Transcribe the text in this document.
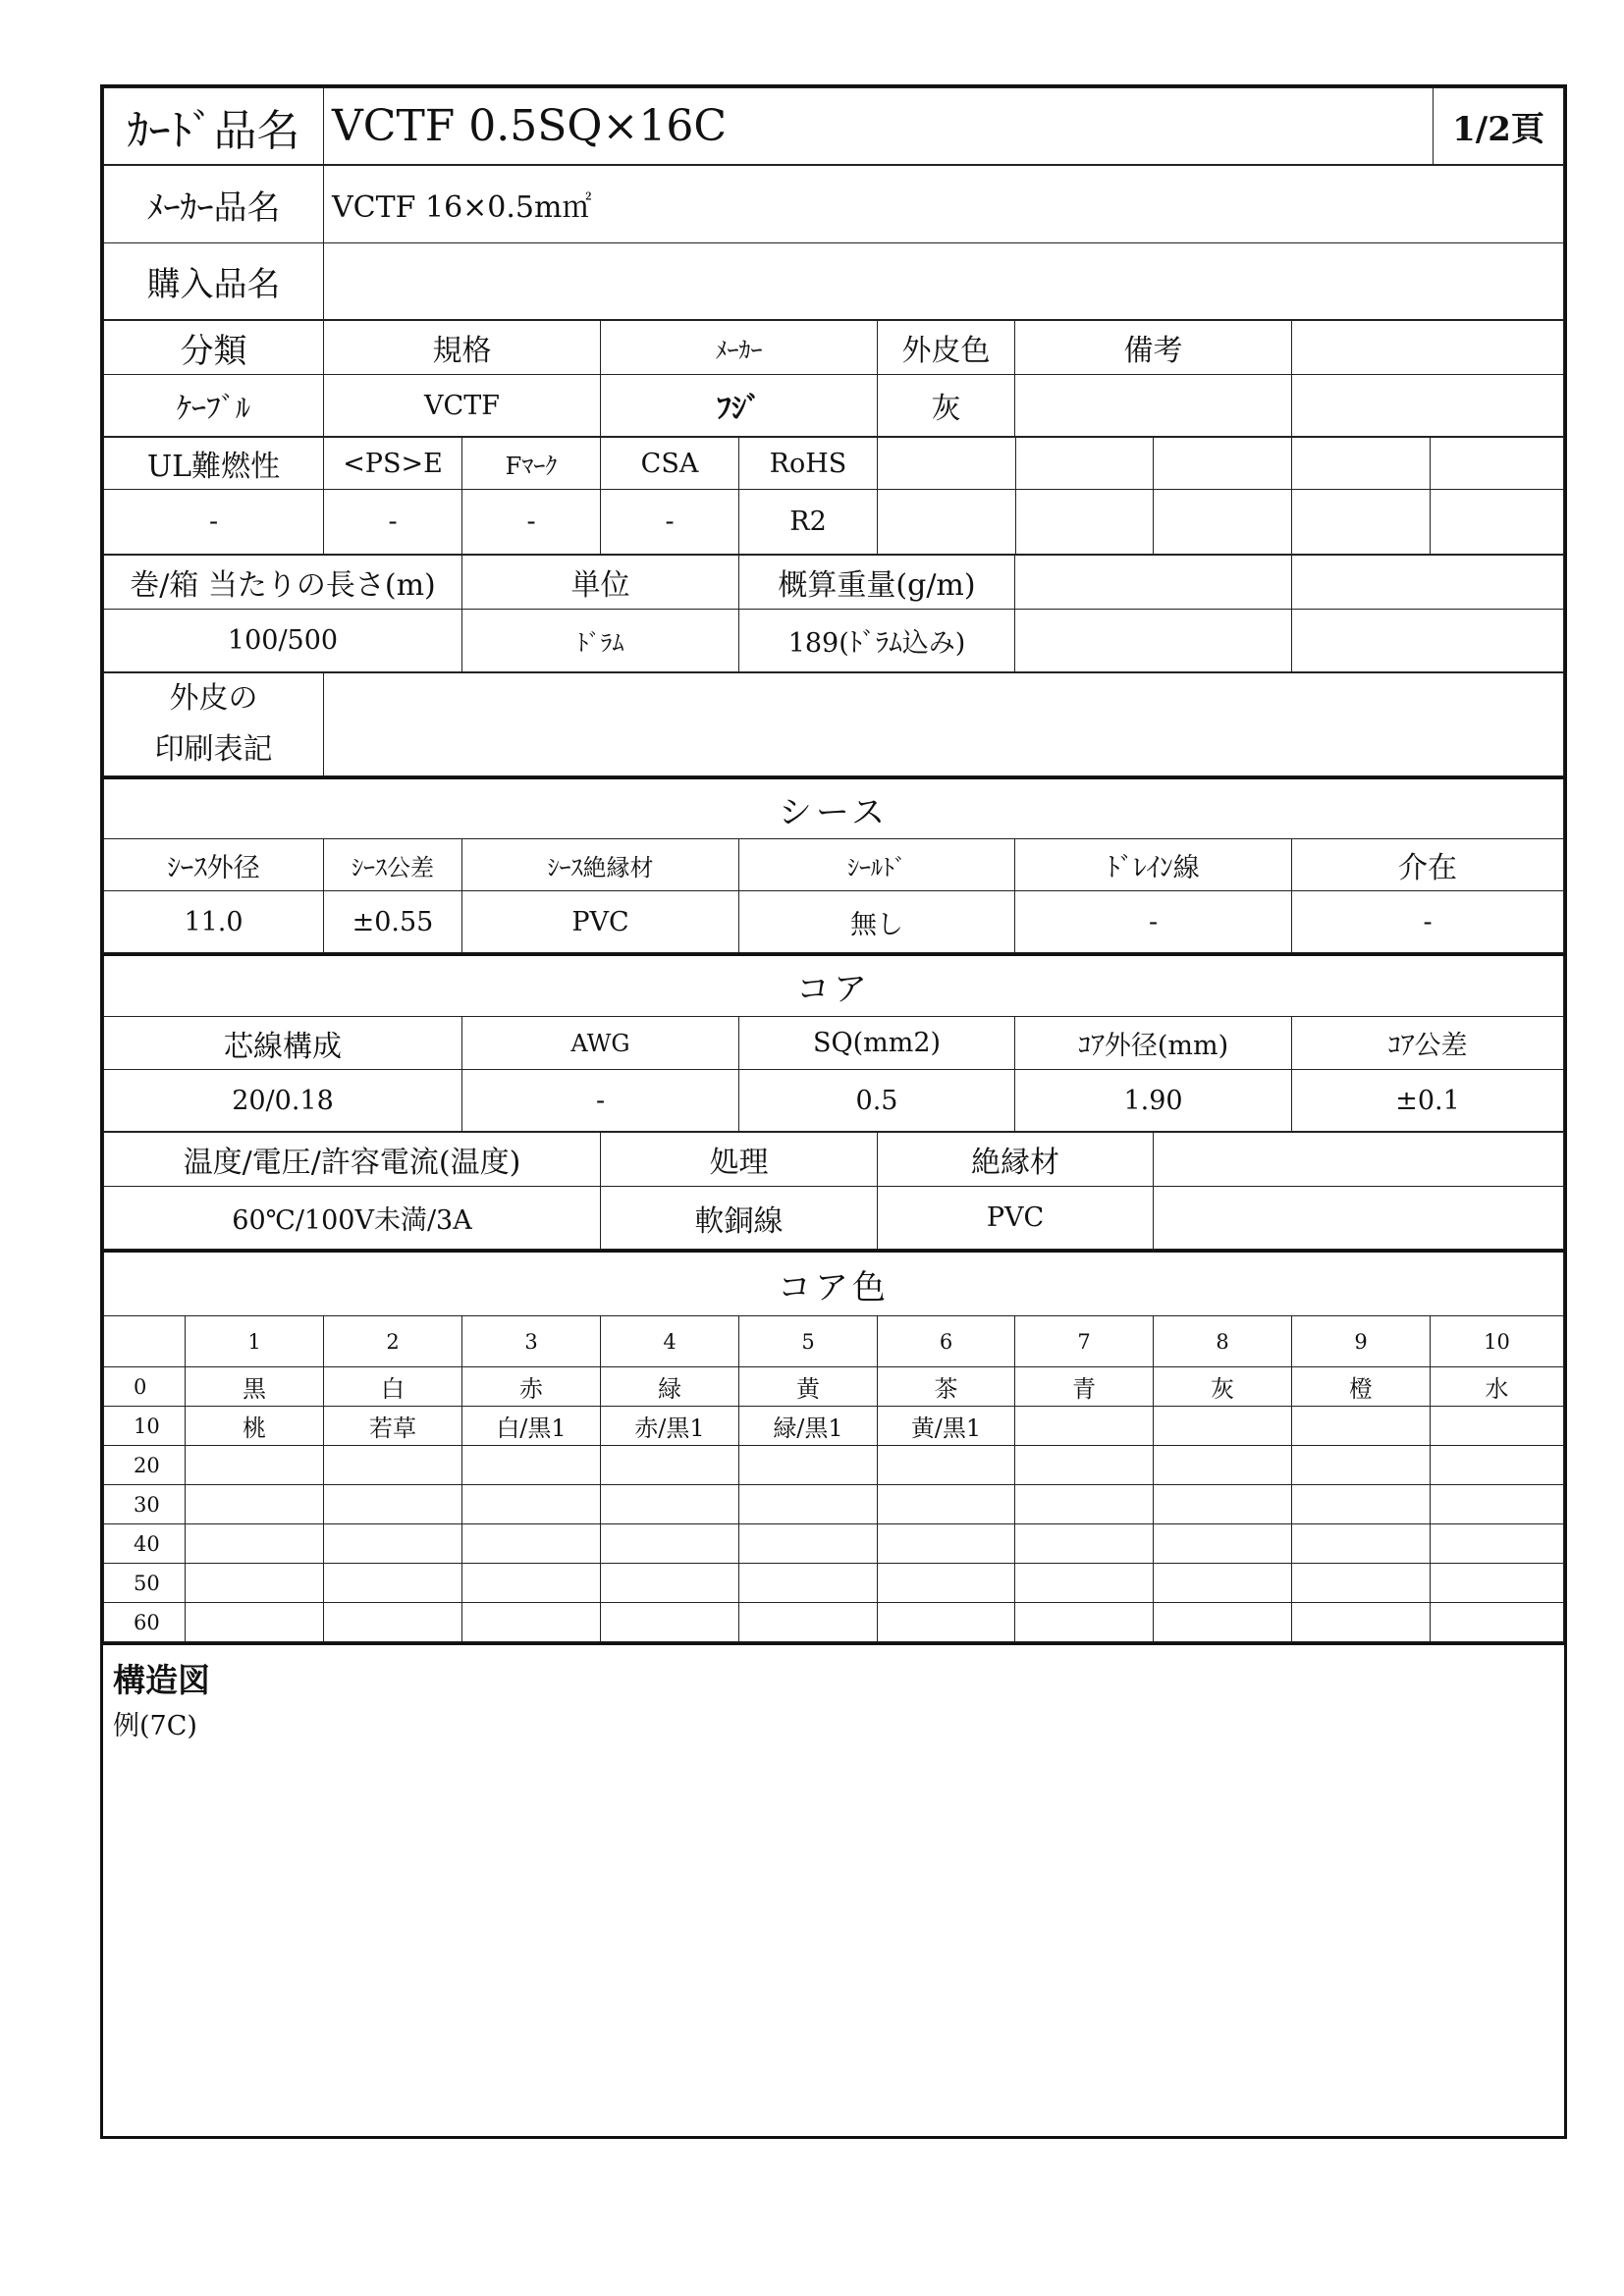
ｶｰﾄﾞ品名	VCTF 0.5SQ×16C	1/2頁
ﾒｰｶｰ品名	VCTF 16×0.5m㎡
購入品名	
分類	規格	ﾒｰｶｰ	外皮色	備考	
ｹｰﾌﾞﾙ	VCTF	ﾌｼﾞ	灰		
UL難燃性	<PS>E	Fﾏｰｸ	CSA	RoHS					
-	-	-	-	R2					
巻/箱 当たりの長さ(m)	単位	概算重量(g/m)		
100/500	ﾄﾞﾗﾑ	189(ﾄﾞﾗﾑ込み)		
外皮の
印刷表記

シース					
ｼｰｽ外径	ｼｰｽ公差	ｼｰｽ絶縁材	ｼｰﾙﾄﾞ	ﾄﾞﾚｲﾝ線	介在
11.0	±0.55	PVC	無し	-	-
コア				
芯線構成	AWG	SQ(mm2)	ｺｱ外径(mm)	ｺｱ公差
20/0.18	-	0.5	1.90	±0.1
温度/電圧/許容電流(温度)	処理	絶縁材	
60℃/100V未満/3A	軟銅線	PVC	
コア色										
	1	2	3	4	5	6	7	8	9	10
0	黒	白	赤	緑	黄	茶	青	灰	橙	水
10	桃	若草	白/黒1	赤/黒1	緑/黒1	黄/黒1				
20										
30										
40										
50										
60										
構造図
例(7C)
